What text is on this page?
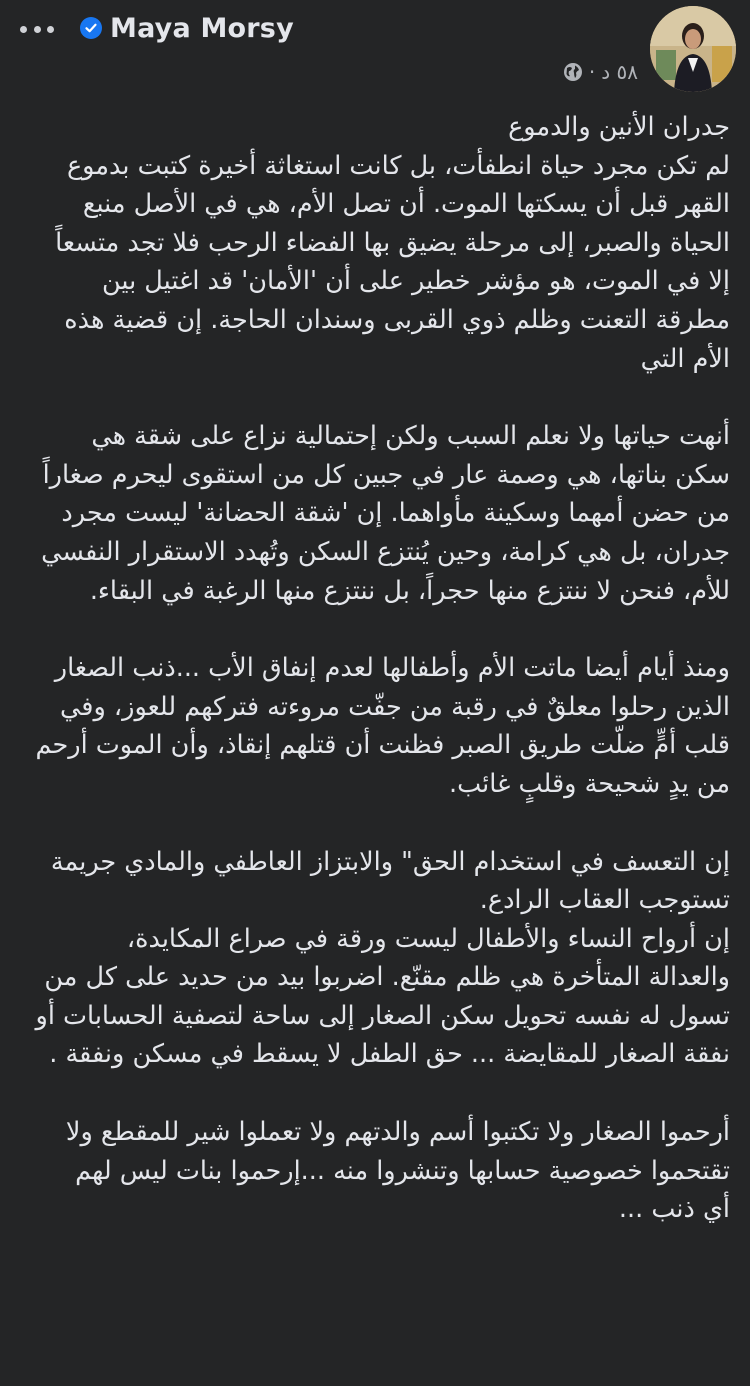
Maya Morsy
٥٨ د
·
جدران الأنين والدموع
لم تكن مجرد حياة انطفأت، بل كانت استغاثة أخيرة كتبت بدموع
القهر قبل أن يسكتها الموت. أن تصل الأم، هي في الأصل منبع
الحياة والصبر، إلى مرحلة يضيق بها الفضاء الرحب فلا تجد متسعاً
إلا في الموت، هو مؤشر خطير على أن 'الأمان' قد اغتيل بين
مطرقة التعنت وظلم ذوي القربى وسندان الحاجة. إن قضية هذه
الأم التي
أنهت حياتها ولا نعلم السبب ولكن إحتمالية نزاع على شقة هي
سكن بناتها، هي وصمة عار في جبين كل من استقوى ليحرم صغاراً
من حضن أمهما وسكينة مأواهما. إن 'شقة الحضانة' ليست مجرد
جدران، بل هي كرامة، وحين يُنتزع السكن وتُهدد الاستقرار النفسي
للأم، فنحن لا ننتزع منها حجراً، بل ننتزع منها الرغبة في البقاء.
ومنذ أيام أيضا ماتت الأم وأطفالها لعدم إنفاق الأب ...ذنب الصغار
الذين رحلوا معلقٌ في رقبة من جفّت مروءته فتركهم للعوز، وفي
قلب أمٍّ ضلّت طريق الصبر فظنت أن قتلهم إنقاذ، وأن الموت أرحم
من يدٍ شحيحة وقلبٍ غائب.
إن التعسف في استخدام الحق" والابتزاز العاطفي والمادي جريمة
تستوجب العقاب الرادع.
إن أرواح النساء والأطفال ليست ورقة في صراع المكايدة،
والعدالة المتأخرة هي ظلم مقنّع. اضربوا بيد من حديد على كل من
تسول له نفسه تحويل سكن الصغار إلى ساحة لتصفية الحسابات أو
نفقة الصغار للمقايضة ... حق الطفل لا يسقط في مسكن ونفقة .
أرحموا الصغار ولا تكتبوا أسم والدتهم ولا تعملوا شير للمقطع ولا
تقتحموا خصوصية حسابها وتنشروا منه ...إرحموا بنات ليس لهم
أي ذنب ...
